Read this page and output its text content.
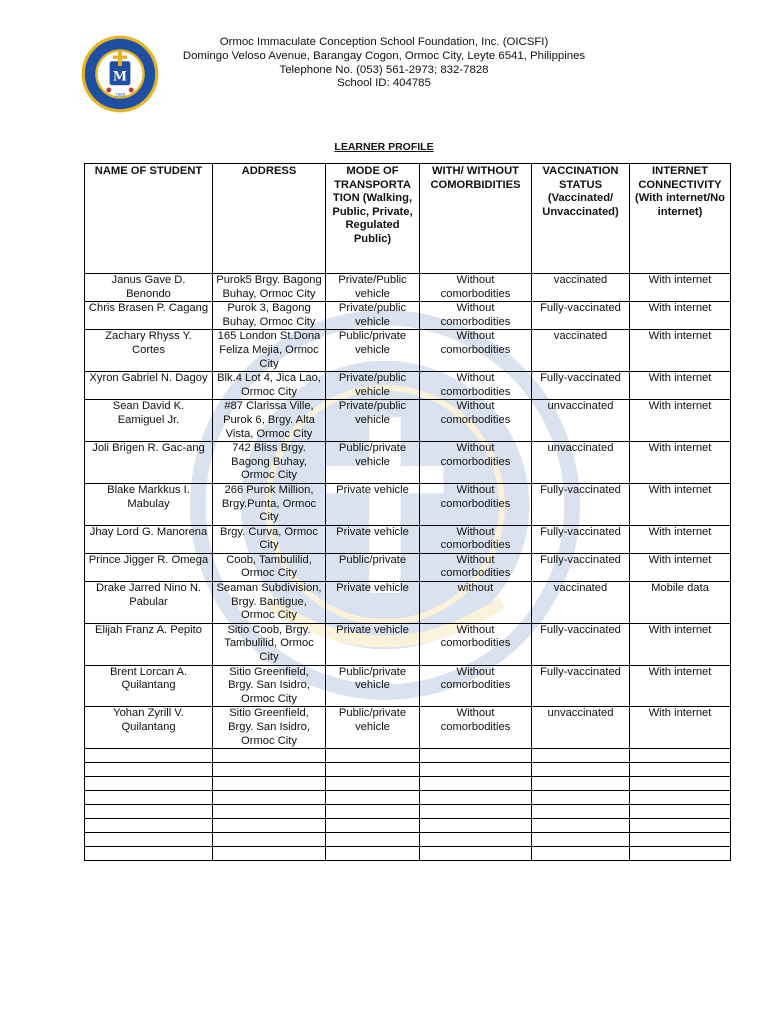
M
1998
Ormoc Immaculate Conception School Foundation, Inc. (OICSFI)
Domingo Veloso Avenue, Barangay Cogon, Ormoc City, Leyte 6541, Philippines
Telephone No. (053) 561-2973; 832-7828
School ID: 404785
LEARNER PROFILE
NAME OF STUDENT	ADDRESS	MODE OF TRANSPORTA TION (Walking, Public, Private, Regulated Public)	WITH/ WITHOUT COMORBIDITIES	VACCINATION STATUS (Vaccinated/ Unvaccinated)	INTERNET CONNECTIVITY (With internet/No internet)
Janus Gave D. Benondo	Purok5 Brgy. Bagong Buhay, Ormoc City	Private/Public vehicle	Without comorbodities	vaccinated	With internet
Chris Brasen P. Cagang	Purok 3, Bagong Buhay, Ormoc City	Private/public vehicle	Without comorbodities	Fully-vaccinated	With internet
Zachary Rhyss Y. Cortes	165 London St.Dona Feliza Mejia, Ormoc City	Public/private vehicle	Without comorbodities	vaccinated	With internet
Xyron Gabriel N. Dagoy	Blk.4 Lot 4, Jica Lao, Ormoc City	Private/public vehicle	Without comorbodities	Fully-vaccinated	With internet
Sean David K. Eamiguel Jr.	#87 Clarissa Ville, Purok 6, Brgy. Alta Vista, Ormoc City	Private/public vehicle	Without comorbodities	unvaccinated	With internet
Joli Brigen R. Gac-ang	742 Bliss Brgy. Bagong Buhay, Ormoc City	Public/private vehicle	Without comorbodities	unvaccinated	With internet
Blake Markkus I. Mabulay	266 Purok Million, Brgy.Punta, Ormoc City	Private vehicle	Without comorbodities	Fully-vaccinated	With internet
Jhay Lord G. Manorena	Brgy. Curva, Ormoc City	Private vehicle	Without comorbodities	Fully-vaccinated	With internet
Prince Jigger R. Omega	Coob, Tambulilid, Ormoc City	Public/private	Without comorbodities	Fully-vaccinated	With internet
Drake Jarred Nino N. Pabular	Seaman Subdivision, Brgy. Bantigue, Ormoc City	Private vehicle	without	vaccinated	Mobile data
Elijah Franz A. Pepito	Sitio Coob, Brgy. Tambulilid, Ormoc City	Private vehicle	Without comorbodities	Fully-vaccinated	With internet
Brent Lorcan A. Quilantang	Sitio Greenfield, Brgy. San Isidro, Ormoc City	Public/private vehicle	Without comorbodities	Fully-vaccinated	With internet
Yohan Zyrill V. Quilantang	Sitio Greenfield, Brgy. San Isidro, Ormoc City	Public/private vehicle	Without comorbodities	unvaccinated	With internet
